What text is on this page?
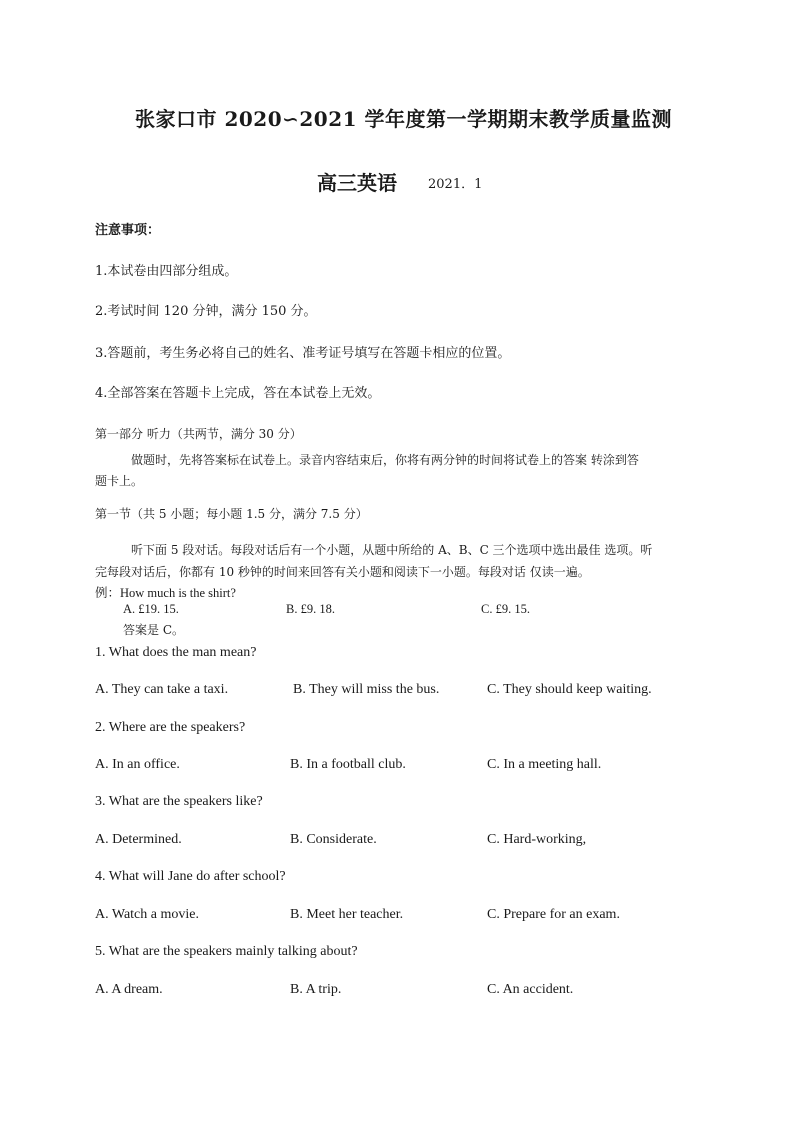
张家口市 2020∽2021 学年度第一学期期末教学质量监测
高三英语 2021．1
注意事项：
1.本试卷由四部分组成。
2.考试时间 120 分钟，满分 150 分。
3.答题前，考生务必将自己的姓名、准考证号填写在答题卡相应的位置。
4.全部答案在答题卡上完成，答在本试卷上无效。
第一部分 听力（共两节，满分 30 分）
做题时，先将答案标在试卷上。录音内容结束后，你将有两分钟的时间将试卷上的答案 转涂到答
题卡上。
第一节（共 5 小题；每小题 1.5 分，满分 7.5 分）
听下面 5 段对话。每段对话后有一个小题，从题中所给的 A、B、C 三个选项中选出最佳 选项。听
完每段对话后，你都有 10 秒钟的时间来回答有关小题和阅读下一小题。每段对话 仅读一遍。
例：How much is the shirt?
A. £19. 15.	B. £9. 18.	C. £9. 15.
答案是 C。
1. What does the man mean?
A. They can take a taxi.	B. They will miss the bus.	C. They should keep waiting.
2. Where are the speakers?
A. In an office.	B. In a football club.	C. In a meeting hall.
3. What are the speakers like?
A. Determined.	B. Considerate.	C. Hard-working,
4. What will Jane do after school?
A. Watch a movie.	B. Meet her teacher.	C. Prepare for an exam.
5. What are the speakers mainly talking about?
A. A dream.	B. A trip.	C. An accident.
